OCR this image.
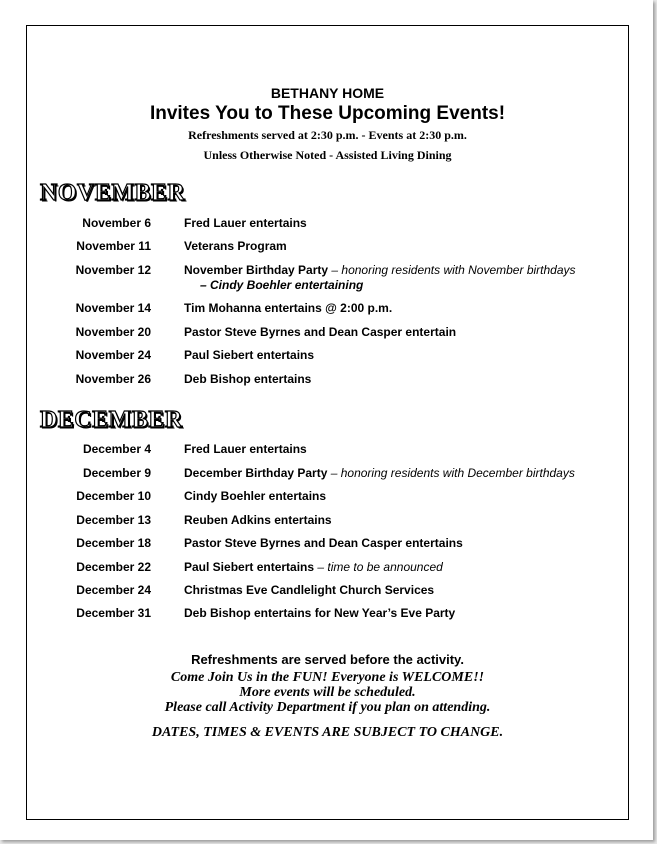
BETHANY HOME
Invites You to These Upcoming Events!
Refreshments served at 2:30 p.m. - Events at 2:30 p.m.
Unless Otherwise Noted - Assisted Living Dining
NOVEMBER
November 6	Fred Lauer entertains
November 11	Veterans Program
November 12	November Birthday Party – honoring residents with November birthdays
– Cindy Boehler entertaining
November 14	Tim Mohanna entertains @ 2:00 p.m.
November 20	Pastor Steve Byrnes and Dean Casper entertain
November 24	Paul Siebert entertains
November 26	Deb Bishop entertains
DECEMBER
December 4	Fred Lauer entertains
December 9	December Birthday Party – honoring residents with December birthdays
December 10	Cindy Boehler entertains
December 13	Reuben Adkins entertains
December 18	Pastor Steve Byrnes and Dean Casper entertains
December 22	Paul Siebert entertains – time to be announced
December 24	Christmas Eve Candlelight Church Services
December 31	Deb Bishop entertains for New Year’s Eve Party
Refreshments are served before the activity.
Come Join Us in the FUN! Everyone is WELCOME!!
More events will be scheduled.
Please call Activity Department if you plan on attending.
DATES, TIMES & EVENTS ARE SUBJECT TO CHANGE.
